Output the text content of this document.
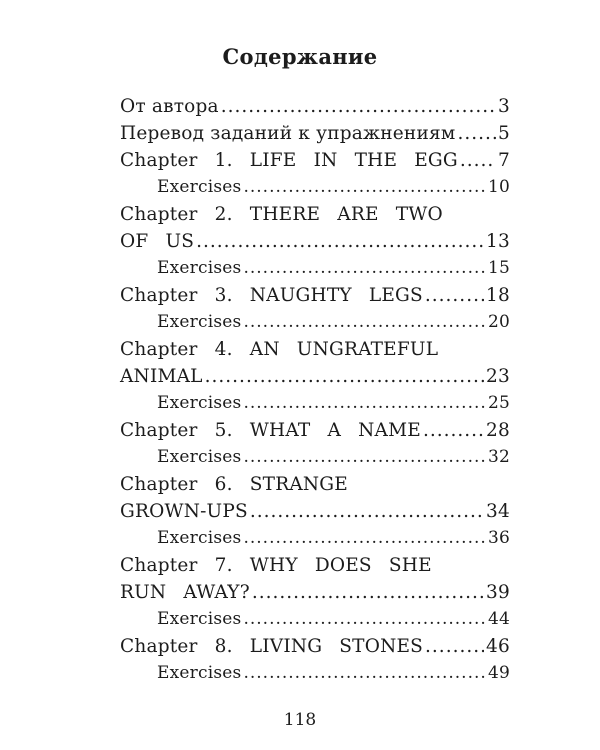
Содержание
От автора .....	3
Перевод заданий к упражнениям ..... 5
Chapter 1. LIFE IN THE EGG ..... 7
Exercises .....	10
Chapter 2. THERE ARE TWO
OF US .....	13
Exercises .....	15
Chapter 3. NAUGHTY LEGS .....	18
Exercises .....	20
Chapter 4. AN UNGRATEFUL
ANIMAL .....	23
Exercises .....	25
Chapter 5. WHAT A NAME .....	28
Exercises .....	32
Chapter 6. STRANGE
GROWN-UPS .....	34
Exercises .....	36
Chapter 7. WHY DOES SHE
RUN AWAY? .....	39
Exercises .....	44
Chapter 8. LIVING STONES .....	46
Exercises .....	49
118
